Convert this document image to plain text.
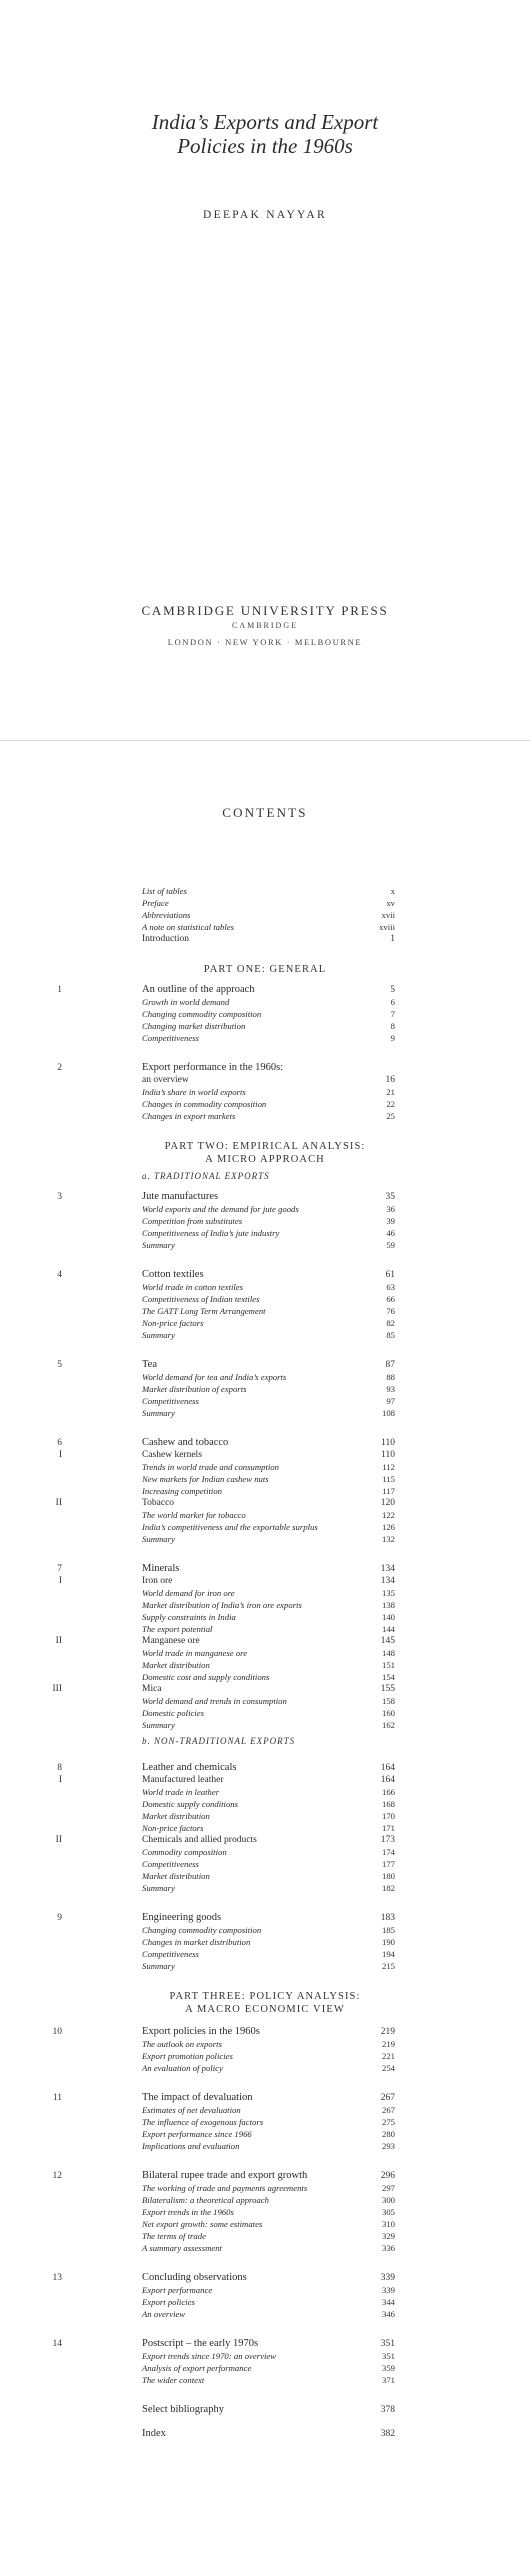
India’s Exports and Export
Policies in the 1960s
DEEPAK NAYYAR
CAMBRIDGE UNIVERSITY PRESS
CAMBRIDGE
LONDON · NEW YORK · MELBOURNE
CONTENTS
List of tables	x
Preface	xv
Abbreviations	xvii
A note on statistical tables	xviii
Introduction	1
PART ONE: GENERAL
1	An outline of the approach	5
Growth in world demand	6
Changing commodity composition	7
Changing market distribution	8
Competitiveness	9
2	Export performance in the 1960s:
an overview	16
India’s share in world exports	21
Changes in commodity composition	22
Changes in export markets	25
PART TWO: EMPIRICAL ANALYSIS:
A MICRO APPROACH
a. TRADITIONAL EXPORTS
3	Jute manufactures	35
World exports and the demand for jute goods	36
Competition from substitutes	39
Competitiveness of India’s jute industry	46
Summary	59
4	Cotton textiles	61
World trade in cotton textiles	63
Competitiveness of Indian textiles	66
The GATT Long Term Arrangement	76
Non-price factors	82
Summary	85
5	Tea	87
World demand for tea and India’s exports	88
Market distribution of exports	93
Competitiveness	97
Summary	108
6	Cashew and tobacco	110
I	Cashew kernels	110
Trends in world trade and consumption	112
New markets for Indian cashew nuts	115
Increasing competition	117
II	Tobacco	120
The world market for tobacco	122
India’s competitiveness and the exportable surplus	126
Summary	132
7	Minerals	134
I	Iron ore	134
World demand for iron ore	135
Market distribution of India’s iron ore exports	138
Supply constraints in India	140
The export potential	144
II	Manganese ore	145
World trade in manganese ore	148
Market distribution	151
Domestic cost and supply conditions	154
III	Mica	155
World demand and trends in consumption	158
Domestic policies	160
Summary	162
b. NON-TRADITIONAL EXPORTS
8	Leather and chemicals	164
I	Manufactured leather	164
World trade in leather	166
Domestic supply conditions	168
Market distribution	170
Non-price factors	171
II	Chemicals and allied products	173
Commodity composition	174
Competitiveness	177
Market distribution	180
Summary	182
9	Engineering goods	183
Changing commodity composition	185
Changes in market distribution	190
Competitiveness	194
Summary	215
PART THREE: POLICY ANALYSIS:
A MACRO ECONOMIC VIEW
10	Export policies in the 1960s	219
The outlook on exports	219
Export promotion policies	221
An evaluation of policy	254
11	The impact of devaluation	267
Estimates of net devaluation	267
The influence of exogenous factors	275
Export performance since 1966	280
Implications and evaluation	293
12	Bilateral rupee trade and export growth	296
The working of trade and payments agreements	297
Bilateralism: a theoretical approach	300
Export trends in the 1960s	305
Net export growth: some estimates	310
The terms of trade	329
A summary assessment	336
13	Concluding observations	339
Export performance	339
Export policies	344
An overview	346
14	Postscript – the early 1970s	351
Export trends since 1970: an overview	351
Analysis of export performance	359
The wider context	371
Select bibliography	378
Index	382
